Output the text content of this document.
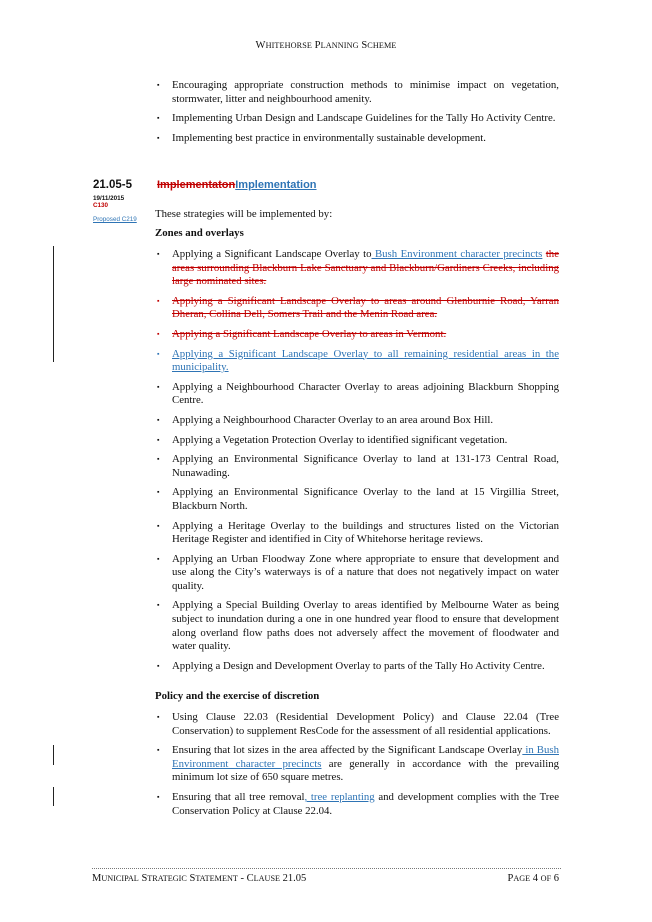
WHITEHORSE PLANNING SCHEME
▪ Encouraging appropriate construction methods to minimise impact on vegetation, stormwater, litter and neighbourhood amenity.
▪ Implementing Urban Design and Landscape Guidelines for the Tally Ho Activity Centre.
▪ Implementing best practice in environmentally sustainable development.
21.05-5 ImplementatonImplementation
19/11/2015
C130
Proposed C219 These strategies will be implemented by:

Zones and overlays

▪ Applying a Significant Landscape Overlay to Bush Environment character precincts the areas surrounding Blackburn Lake Sanctuary and Blackburn/Gardiners Creeks, including large nominated sites.
▪ Applying a Significant Landscape Overlay to areas around Glenburnie Road, Yarran Dheran, Collina Dell, Somers Trail and the Menin Road area.
▪ Applying a Significant Landscape Overlay to areas in Vermont.
▪ Applying a Significant Landscape Overlay to all remaining residential areas in the municipality.
▪ Applying a Neighbourhood Character Overlay to areas adjoining Blackburn Shopping Centre.
▪ Applying a Neighbourhood Character Overlay to an area around Box Hill.
▪ Applying a Vegetation Protection Overlay to identified significant vegetation.
▪ Applying an Environmental Significance Overlay to land at 131-173 Central Road, Nunawading.
▪ Applying an Environmental Significance Overlay to the land at 15 Virgillia Street, Blackburn North.
▪ Applying a Heritage Overlay to the buildings and structures listed on the Victorian Heritage Register and identified in City of Whitehorse heritage reviews.
▪ Applying an Urban Floodway Zone where appropriate to ensure that development and use along the City’s waterways is of a nature that does not negatively impact on water quality.
▪ Applying a Special Building Overlay to areas identified by Melbourne Water as being subject to inundation during a one in one hundred year flood to ensure that development along overland flow paths does not adversely affect the movement of floodwater and water quality.
▪ Applying a Design and Development Overlay to parts of the Tally Ho Activity Centre.

Policy and the exercise of discretion

▪ Using Clause 22.03 (Residential Development Policy) and Clause 22.04 (Tree Conservation) to supplement ResCode for the assessment of all residential applications.
▪ Ensuring that lot sizes in the area affected by the Significant Landscape Overlay in Bush Environment character precincts are generally in accordance with the prevailing minimum lot size of 650 square metres.
▪ Ensuring that all tree removal, tree replanting and development complies with the Tree Conservation Policy at Clause 22.04.
MUNICIPAL STRATEGIC STATEMENT - CLAUSE 21.05	PAGE 4 OF 6
